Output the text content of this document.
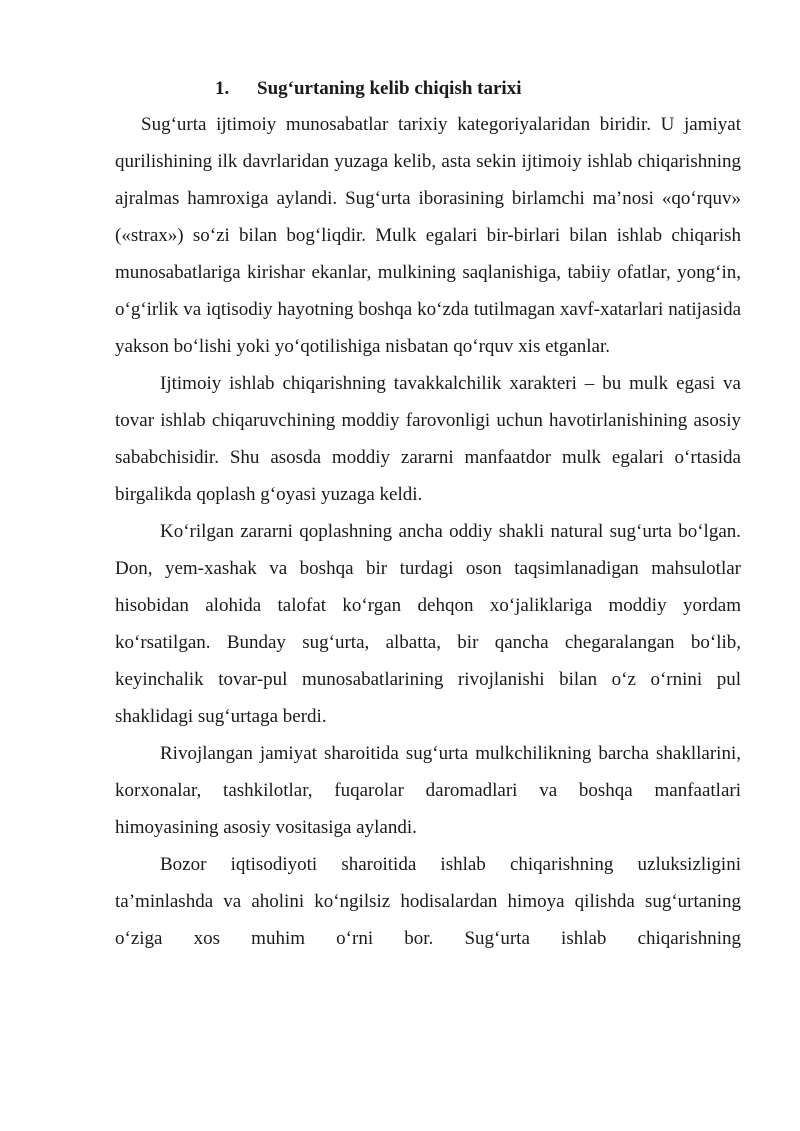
1. Sug‘urtaning kelib chiqish tarixi

Sug‘urta ijtimoiy munosabatlar tarixiy kategoriyalaridan biridir. U jamiyat qurilishining ilk davrlaridan yuzaga kelib, asta sekin ijtimoiy ishlab chiqarishning ajralmas hamroxiga aylandi. Sug‘urta iborasining birlamchi ma’nosi «qo‘rquv» («strax») so‘zi bilan bog‘liqdir. Mulk egalari bir-birlari bilan ishlab chiqarish munosabatlariga kirishar ekanlar, mulkining saqlanishiga, tabiiy ofatlar, yong‘in, o‘g‘irlik va iqtisodiy hayotning boshqa ko‘zda tutilmagan xavf-xatarlari natijasida yakson bo‘lishi yoki yo‘qotilishiga nisbatan qo‘rquv xis etganlar.

Ijtimoiy ishlab chiqarishning tavakkalchilik xarakteri – bu mulk egasi va tovar ishlab chiqaruvchining moddiy farovonligi uchun havotirlanishining asosiy sababchisidir. Shu asosda moddiy zararni manfaatdor mulk egalari o‘rtasida birgalikda qoplash g‘oyasi yuzaga keldi.

Ko‘rilgan zararni qoplashning ancha oddiy shakli natural sug‘urta bo‘lgan. Don, yem-xashak va boshqa bir turdagi oson taqsimlanadigan mahsulotlar hisobidan alohida talofat ko‘rgan dehqon xo‘jaliklariga moddiy yordam ko‘rsatilgan. Bunday sug‘urta, albatta, bir qancha chegaralangan bo‘lib, keyinchalik tovar-pul munosabatlarining rivojlanishi bilan o‘z o‘rnini pul shaklidagi sug‘urtaga berdi.

Rivojlangan jamiyat sharoitida sug‘urta mulkchilikning barcha shakllarini, korxonalar, tashkilotlar, fuqarolar daromadlari va boshqa manfaatlari himoyasining asosiy vositasiga aylandi.

Bozor iqtisodiyoti sharoitida ishlab chiqarishning uzluksizligini ta’minlashda va aholini ko‘ngilsiz hodisalardan himoya qilishda sug‘urtaning o‘ziga xos muhim o‘rni bor. Sug‘urta ishlab chiqarishning
